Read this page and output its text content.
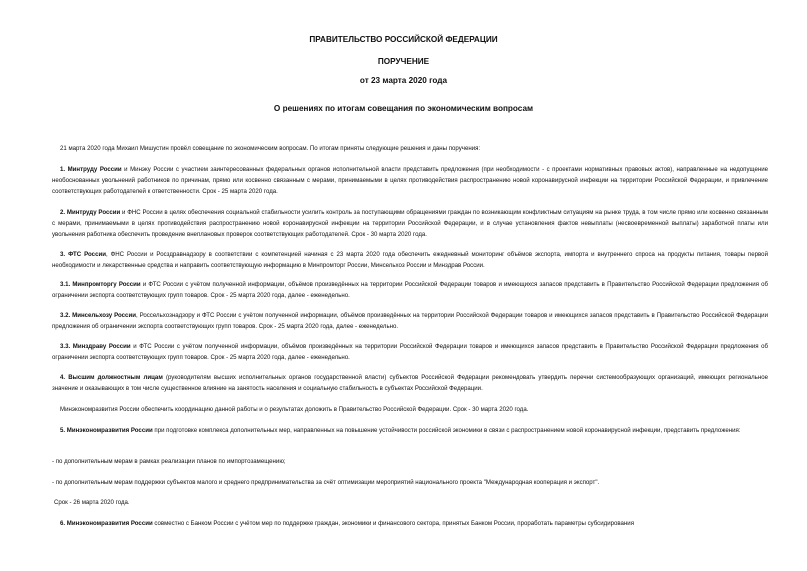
ПРАВИТЕЛЬСТВО РОССИЙСКОЙ ФЕДЕРАЦИИ
ПОРУЧЕНИЕ
от 23 марта 2020 года
О решениях по итогам совещания по экономическим вопросам

21 марта 2020 года Михаил Мишустин провёл совещание по экономическим вопросам. По итогам приняты следующие решения и даны поручения:

1. Минтруду России и Минэку России с участием заинтересованных федеральных органов исполнительной власти представить предложения (при необходимости - с проектами нормативных правовых актов), направленные на недопущение необоснованных увольнений работников по причинам, прямо или косвенно связанным с мерами, принимаемыми в целях противодействия распространению новой коронавирусной инфекции на территории Российской Федерации, и привлечение соответствующих работодателей к ответственности. Срок - 25 марта 2020 года.

2. Минтруду России и ФНС России в целях обеспечения социальной стабильности усилить контроль за поступающими обращениями граждан по возникающим конфликтным ситуациям на рынке труда, в том числе прямо или косвенно связанным с мерами, принимаемыми в целях противодействия распространению новой коронавирусной инфекции на территории Российской Федерации, и в случае установления фактов невыплаты (несвоевременной выплаты) заработной платы или увольнения работника обеспечить проведение внеплановых проверок соответствующих работодателей. Срок - 30 марта 2020 года.

3. ФТС России, ФНС России и Росздравнадзору в соответствии с компетенцией начиная с 23 марта 2020 года обеспечить ежедневный мониторинг объёмов экспорта, импорта и внутреннего спроса на продукты питания, товары первой необходимости и лекарственные средства и направить соответствующую информацию в Минпромторг России, Минсельхоз России и Минздрав России.

3.1. Минпромторгу России и ФТС России с учётом полученной информации, объёмов произведённых на территории Российской Федерации товаров и имеющихся запасов представить в Правительство Российской Федерации предложения об ограничении экспорта соответствующих групп товаров. Срок - 25 марта 2020 года, далее - еженедельно.

3.2. Минсельхозу России, Россельхознадзору и ФТС России с учётом полученной информации, объёмов произведённых на территории Российской Федерации товаров и имеющихся запасов представить в Правительство Российской Федерации предложения об ограничении экспорта соответствующих групп товаров. Срок - 25 марта 2020 года, далее - еженедельно.

3.3. Минздраву России и ФТС России с учётом полученной информации, объёмов произведённых на территории Российской Федерации товаров и имеющихся запасов представить в Правительство Российской Федерации предложения об ограничении экспорта соответствующих групп товаров. Срок - 25 марта 2020 года, далее - еженедельно.

4. Высшим должностным лицам (руководителям высших исполнительных органов государственной власти) субъектов Российской Федерации рекомендовать утвердить перечни системообразующих организаций, имеющих региональное значение и оказывающих в том числе существенное влияние на занятость населения и социальную стабильность в субъектах Российской Федерации.

Минэкономразвития России обеспечить координацию данной работы и о результатах доложить в Правительство Российской Федерации. Срок - 30 марта 2020 года.

5. Минэкономразвития России при подготовке комплекса дополнительных мер, направленных на повышение устойчивости российской экономики в связи с распространением новой коронавирусной инфекции, представить предложения:

- по дополнительным мерам в рамках реализации планов по импортозамещению;

- по дополнительным мерам поддержки субъектов малого и среднего предпринимательства за счёт оптимизации мероприятий национального проекта "Международная кооперация и экспорт".

Срок - 26 марта 2020 года.

6. Минэкономразвития России совместно с Банком России с учётом мер по поддержке граждан, экономики и финансового сектора, принятых Банком России, проработать параметры субсидирования
